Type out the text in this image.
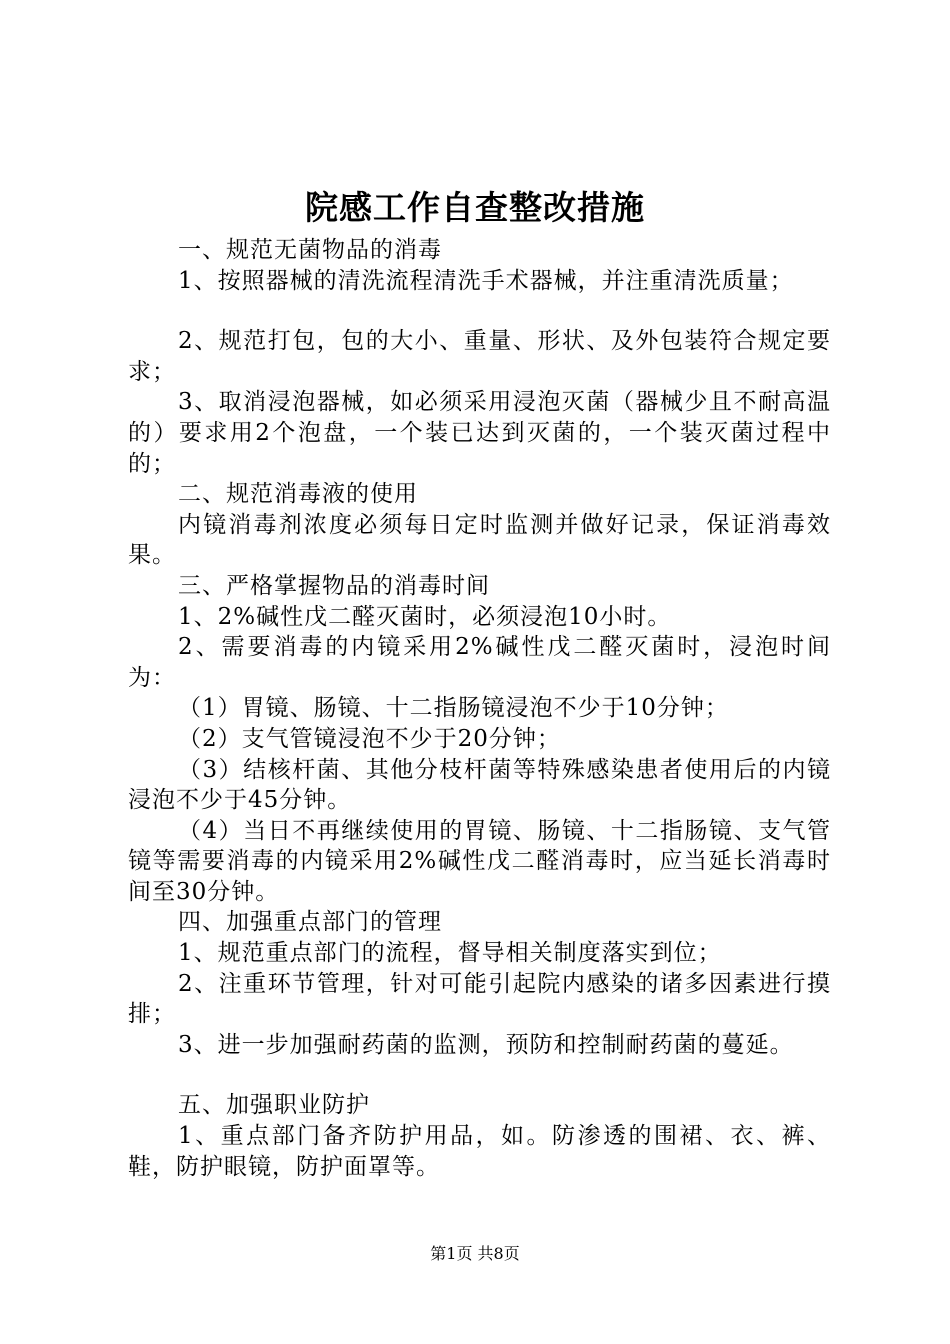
院感工作自查整改措施

一、规范无菌物品的消毒

1、按照器械的清洗流程清洗手术器械，并注重清洗质量；

2、规范打包，包的大小、重量、形状、及外包装符合规定要求；

3、取消浸泡器械，如必须采用浸泡灭菌（器械少且不耐高温的）要求用2个泡盘，一个装已达到灭菌的，一个装灭菌过程中的；

二、规范消毒液的使用

内镜消毒剂浓度必须每日定时监测并做好记录，保证消毒效果。

三、严格掌握物品的消毒时间

1、2%碱性戊二醛灭菌时，必须浸泡10小时。

2、需要消毒的内镜采用2%碱性戊二醛灭菌时，浸泡时间为：

（1）胃镜、肠镜、十二指肠镜浸泡不少于10分钟；

（2）支气管镜浸泡不少于20分钟；

（3）结核杆菌、其他分枝杆菌等特殊感染患者使用后的内镜浸泡不少于45分钟。

（4）当日不再继续使用的胃镜、肠镜、十二指肠镜、支气管镜等需要消毒的内镜采用2%碱性戊二醛消毒时，应当延长消毒时间至30分钟。

四、加强重点部门的管理

1、规范重点部门的流程，督导相关制度落实到位；

2、注重环节管理，针对可能引起院内感染的诸多因素进行摸排；

3、进一步加强耐药菌的监测，预防和控制耐药菌的蔓延。

五、加强职业防护

1、重点部门备齐防护用品，如。防渗透的围裙、衣、裤、鞋，防护眼镜，防护面罩等。

第1页 共8页
